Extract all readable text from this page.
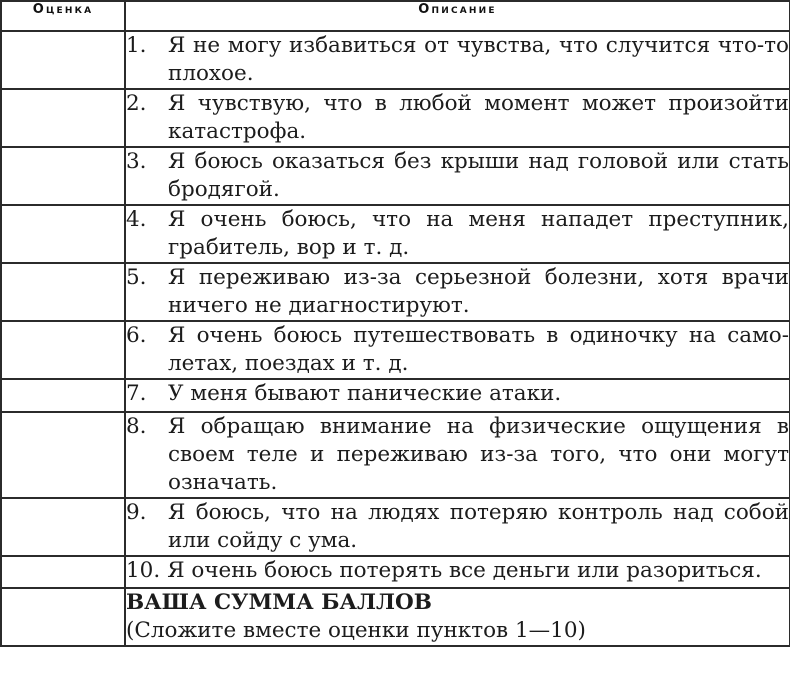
Оценка	Описание

	1. Я не могу избавиться от чувства, что случится что-то плохое.

	2. Я чувствую, что в любой момент может произойти катастрофа.

	3. Я боюсь оказаться без крыши над головой или стать бродягой.

	4. Я очень боюсь, что на меня нападет преступник, грабитель, вор и т. д.

	5. Я переживаю из-за серьезной болезни, хотя врачи ничего не диагностируют.

	6. Я очень боюсь путешествовать в одиночку на самолетах, поездах и т. д.

	7. У меня бывают панические атаки.

	8. Я обращаю внимание на физические ощущения в своем теле и переживаю из-за того, что они могут означать.

	9. Я боюсь, что на людях потеряю контроль над собой или сойду с ума.

	10. Я очень боюсь потерять все деньги или разориться.

	ВАША СУММА БАЛЛОВ
(Сложите вместе оценки пунктов 1—10)
